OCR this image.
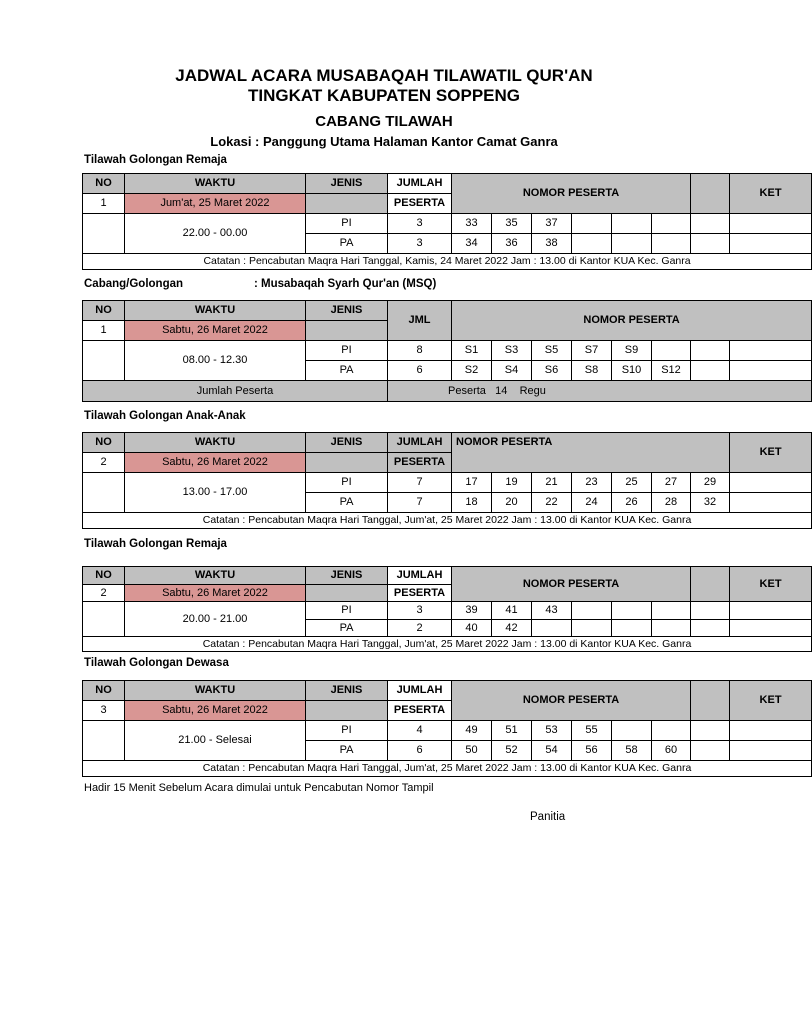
JADWAL ACARA MUSABAQAH TILAWATIL QUR'AN
TINGKAT KABUPATEN SOPPENG
CABANG TILAWAH
Lokasi : Panggung Utama Halaman Kantor Camat Ganra
Tilawah Golongan Remaja
NO	WAKTU	JENIS	JUMLAH	NOMOR PESERTA							KET
1	Jum'at, 25 Maret 2022		PESERTA								
	22.00 - 00.00	PI	3	33	35	37					
		PA	3	34	36	38					
Catatan : Pencabutan Maqra Hari Tanggal, Kamis, 24 Maret 2022 Jam : 13.00 di Kantor KUA Kec. Ganra											
Cabang/Golongan	: Musabaqah Syarh Qur'an (MSQ)
NO	WAKTU	JENIS	JML	NOMOR PESERTA							
1	Sabtu, 26 Maret 2022										
	08.00 - 12.30	PI	8	S1	S3	S5	S7	S9			
		PA	6	S2	S4	S6	S8	S10	S12		
Jumlah Peserta			Peserta 14 Regu								
Tilawah Golongan Anak-Anak
NO	WAKTU	JENIS	JUMLAH	NOMOR PESERTA							KET
2	Sabtu, 26 Maret 2022		PESERTA								
	13.00 - 17.00	PI	7	17	19	21	23	25	27	29	
		PA	7	18	20	22	24	26	28	32	
Catatan : Pencabutan Maqra Hari Tanggal, Jum'at, 25 Maret 2022 Jam : 13.00 di Kantor KUA Kec. Ganra											
Tilawah Golongan Remaja
NO	WAKTU	JENIS	JUMLAH	NOMOR PESERTA							KET
2	Sabtu, 26 Maret 2022		PESERTA								
	20.00 - 21.00	PI	3	39	41	43					
		PA	2	40	42						
Catatan : Pencabutan Maqra Hari Tanggal, Jum'at, 25 Maret 2022 Jam : 13.00 di Kantor KUA Kec. Ganra											
Tilawah Golongan Dewasa
NO	WAKTU	JENIS	JUMLAH	NOMOR PESERTA							KET
3	Sabtu, 26 Maret 2022		PESERTA								
	21.00 - Selesai	PI	4	49	51	53	55				
		PA	6	50	52	54	56	58	60		
Catatan : Pencabutan Maqra Hari Tanggal, Jum'at, 25 Maret 2022 Jam : 13.00 di Kantor KUA Kec. Ganra											
Hadir 15 Menit Sebelum Acara dimulai untuk Pencabutan Nomor Tampil
Panitia
